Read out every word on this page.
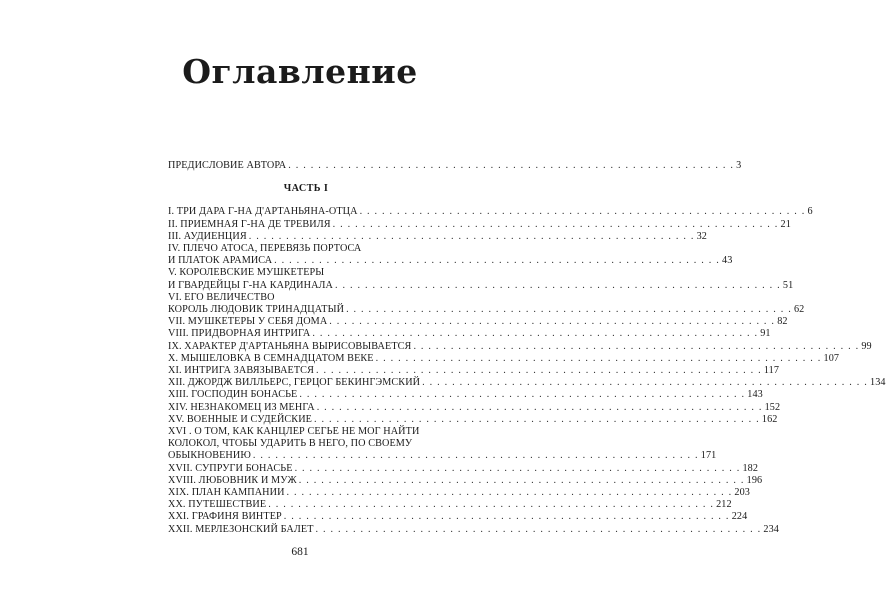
Оглавление
ПРЕДИСЛОВИЕ АВТОРА . . . . . . . . . . . . . . . . . . . . . . . . . . . . . . . . . . . . . . . . . . . . . . . . . . . . . . . . . . . . 3
ЧАСТЬ I
I. ТРИ ДАРА Г-НА Д'АРТАНЬЯНА-ОТЦА . . . . . . . . . . . . . . . . . . . . . . . . . . . . . . . . . . . . . . . . . . . . . . . . . . . . . . . . . . . . 6
II. ПРИЕМНАЯ Г-НА ДЕ ТРЕВИЛЯ . . . . . . . . . . . . . . . . . . . . . . . . . . . . . . . . . . . . . . . . . . . . . . . . . . . . . . . . . . . . 21
III. АУДИЕНЦИЯ . . . . . . . . . . . . . . . . . . . . . . . . . . . . . . . . . . . . . . . . . . . . . . . . . . . . . . . . . . . . 32
IV. ПЛЕЧО АТОСА, ПЕРЕВЯЗЬ ПОРТОСА
И ПЛАТОК АРАМИСА . . . . . . . . . . . . . . . . . . . . . . . . . . . . . . . . . . . . . . . . . . . . . . . . . . . . . . . . . . . . 43
V. КОРОЛЕВСКИЕ МУШКЕТЕРЫ
И ГВАРДЕЙЦЫ Г-НА КАРДИНАЛА . . . . . . . . . . . . . . . . . . . . . . . . . . . . . . . . . . . . . . . . . . . . . . . . . . . . . . . . . . . . 51
VI. ЕГО ВЕЛИЧЕСТВО
КОРОЛЬ ЛЮДОВИК ТРИНАДЦАТЫЙ . . . . . . . . . . . . . . . . . . . . . . . . . . . . . . . . . . . . . . . . . . . . . . . . . . . . . . . . . . . . 62
VII. МУШКЕТЕРЫ У СЕБЯ ДОМА . . . . . . . . . . . . . . . . . . . . . . . . . . . . . . . . . . . . . . . . . . . . . . . . . . . . . . . . . . . . 82
VIII. ПРИДВОРНАЯ ИНТРИГА . . . . . . . . . . . . . . . . . . . . . . . . . . . . . . . . . . . . . . . . . . . . . . . . . . . . . . . . . . . . 91
IX. ХАРАКТЕР Д'АРТАНЬЯНА ВЫРИСОВЫВАЕТСЯ . . . . . . . . . . . . . . . . . . . . . . . . . . . . . . . . . . . . . . . . . . . . . . . . . . . . . . . . . . . . 99
X. МЫШЕЛОВКА В СЕМНАДЦАТОМ ВЕКЕ . . . . . . . . . . . . . . . . . . . . . . . . . . . . . . . . . . . . . . . . . . . . . . . . . . . . . . . . . . . . 107
XI. ИНТРИГА ЗАВЯЗЫВАЕТСЯ . . . . . . . . . . . . . . . . . . . . . . . . . . . . . . . . . . . . . . . . . . . . . . . . . . . . . . . . . . . . 117
XII. ДЖОРДЖ ВИЛЛЬЕРС, ГЕРЦОГ БЕКИНГЭМСКИЙ . . . . . . . . . . . . . . . . . . . . . . . . . . . . . . . . . . . . . . . . . . . . . . . . . . . . . . . . . . . . 134
XIII. ГОСПОДИН БОНАСЬЕ . . . . . . . . . . . . . . . . . . . . . . . . . . . . . . . . . . . . . . . . . . . . . . . . . . . . . . . . . . . . 143
XIV. НЕЗНАКОМЕЦ ИЗ МЕНГА . . . . . . . . . . . . . . . . . . . . . . . . . . . . . . . . . . . . . . . . . . . . . . . . . . . . . . . . . . . . 152
XV. ВОЕННЫЕ И СУДЕЙСКИЕ . . . . . . . . . . . . . . . . . . . . . . . . . . . . . . . . . . . . . . . . . . . . . . . . . . . . . . . . . . . . 162
XVI . О ТОМ, КАК КАНЦЛЕР СЕГЬЕ НЕ МОГ НАЙТИ
КОЛОКОЛ, ЧТОБЫ УДАРИТЬ В НЕГО, ПО СВОЕМУ
ОБЫКНОВЕНИЮ . . . . . . . . . . . . . . . . . . . . . . . . . . . . . . . . . . . . . . . . . . . . . . . . . . . . . . . . . . . . 171
XVII. СУПРУГИ БОНАСЬЕ . . . . . . . . . . . . . . . . . . . . . . . . . . . . . . . . . . . . . . . . . . . . . . . . . . . . . . . . . . . . 182
XVIII. ЛЮБОВНИК И МУЖ . . . . . . . . . . . . . . . . . . . . . . . . . . . . . . . . . . . . . . . . . . . . . . . . . . . . . . . . . . . . 196
XIX. ПЛАН КАМПАНИИ . . . . . . . . . . . . . . . . . . . . . . . . . . . . . . . . . . . . . . . . . . . . . . . . . . . . . . . . . . . . 203
XX. ПУТЕШЕСТВИЕ . . . . . . . . . . . . . . . . . . . . . . . . . . . . . . . . . . . . . . . . . . . . . . . . . . . . . . . . . . . . 212
XXI. ГРАФИНЯ ВИНТЕР . . . . . . . . . . . . . . . . . . . . . . . . . . . . . . . . . . . . . . . . . . . . . . . . . . . . . . . . . . . . 224
XXII. МЕРЛЕЗОНСКИЙ БАЛЕТ . . . . . . . . . . . . . . . . . . . . . . . . . . . . . . . . . . . . . . . . . . . . . . . . . . . . . . . . . . . . 234
681
